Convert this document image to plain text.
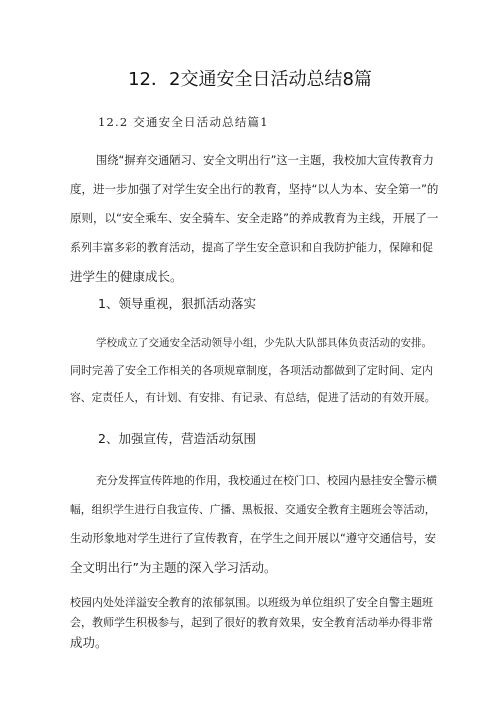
12．2交通安全日活动总结8篇
12.2 交通安全日活动总结篇1
围绕“摒弃交通陋习、安全文明出行”这一主题，我校加大宣传教育力
度，进一步加强了对学生安全出行的教育，坚持“以人为本、安全第一”的
原则，以“安全乘车、安全骑车、安全走路”的养成教育为主线，开展了一
系列丰富多彩的教育活动，提高了学生安全意识和自我防护能力，保障和促
进学生的健康成长。
1、领导重视，狠抓活动落实
学校成立了交通安全活动领导小组，少先队大队部具体负责活动的安排。
同时完善了安全工作相关的各项规章制度，各项活动都做到了定时间、定内
容、定责任人，有计划、有安排、有记录、有总结，促进了活动的有效开展。
2、加强宣传，营造活动氛围
充分发挥宣传阵地的作用，我校通过在校门口、校园内悬挂安全警示横
幅，组织学生进行自我宣传、广播、黑板报、交通安全教育主题班会等活动，
生动形象地对学生进行了宣传教育，在学生之间开展以“遵守交通信号，安
全文明出行”为主题的深入学习活动。
校园内处处洋溢安全教育的浓郁氛围。以班级为单位组织了安全自警主题班
会，教师学生积极参与，起到了很好的教育效果，安全教育活动举办得非常
成功。
